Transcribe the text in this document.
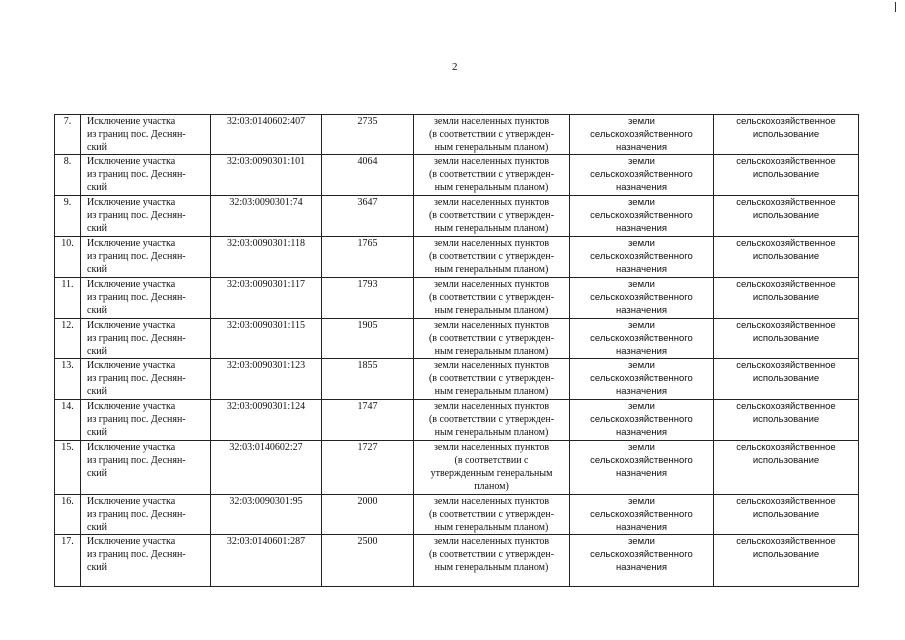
2
7.	Исключение участка
из границ пос. Деснян-
ский	32:03:0140602:407	2735	земли населенных пунктов
(в соответствии с утвержден-
ным генеральным планом)	земли
сельскохозяйственного
назначения	сельскохозяйственное
использование

8.	Исключение участка
из границ пос. Деснян-
ский	32:03:0090301:101	4064	земли населенных пунктов
(в соответствии с утвержден-
ным генеральным планом)	земли
сельскохозяйственного
назначения	сельскохозяйственное
использование

9.	Исключение участка
из границ пос. Деснян-
ский	32:03:0090301:74	3647	земли населенных пунктов
(в соответствии с утвержден-
ным генеральным планом)	земли
сельскохозяйственного
назначения	сельскохозяйственное
использование

10.	Исключение участка
из границ пос. Деснян-
ский	32:03:0090301:118	1765	земли населенных пунктов
(в соответствии с утвержден-
ным генеральным планом)	земли
сельскохозяйственного
назначения	сельскохозяйственное
использование

11.	Исключение участка
из границ пос. Деснян-
ский	32:03:0090301:117	1793	земли населенных пунктов
(в соответствии с утвержден-
ным генеральным планом)	земли
сельскохозяйственного
назначения	сельскохозяйственное
использование

12.	Исключение участка
из границ пос. Деснян-
ский	32:03:0090301:115	1905	земли населенных пунктов
(в соответствии с утвержден-
ным генеральным планом)	земли
сельскохозяйственного
назначения	сельскохозяйственное
использование

13.	Исключение участка
из границ пос. Деснян-
ский	32:03:0090301:123	1855	земли населенных пунктов
(в соответствии с утвержден-
ным генеральным планом)	земли
сельскохозяйственного
назначения	сельскохозяйственное
использование

14.	Исключение участка
из границ пос. Деснян-
ский	32:03:0090301:124	1747	земли населенных пунктов
(в соответствии с утвержден-
ным генеральным планом)	земли
сельскохозяйственного
назначения	сельскохозяйственное
использование

15.	Исключение участка
из границ пос. Деснян-
ский	32:03:0140602:27	1727	земли населенных пунктов
(в соответствии с
утвержденным генеральным
планом)	земли
сельскохозяйственного
назначения	сельскохозяйственное
использование

16.	Исключение участка
из границ пос. Деснян-
ский	32:03:0090301:95	2000	земли населенных пунктов
(в соответствии с утвержден-
ным генеральным планом)	земли
сельскохозяйственного
назначения	сельскохозяйственное
использование

17.	Исключение участка
из границ пос. Деснян-
ский	32:03:0140601:287	2500	земли населенных пунктов
(в соответствии с утвержден-
ным генеральным планом)	земли
сельскохозяйственного
назначения	сельскохозяйственное
использование
